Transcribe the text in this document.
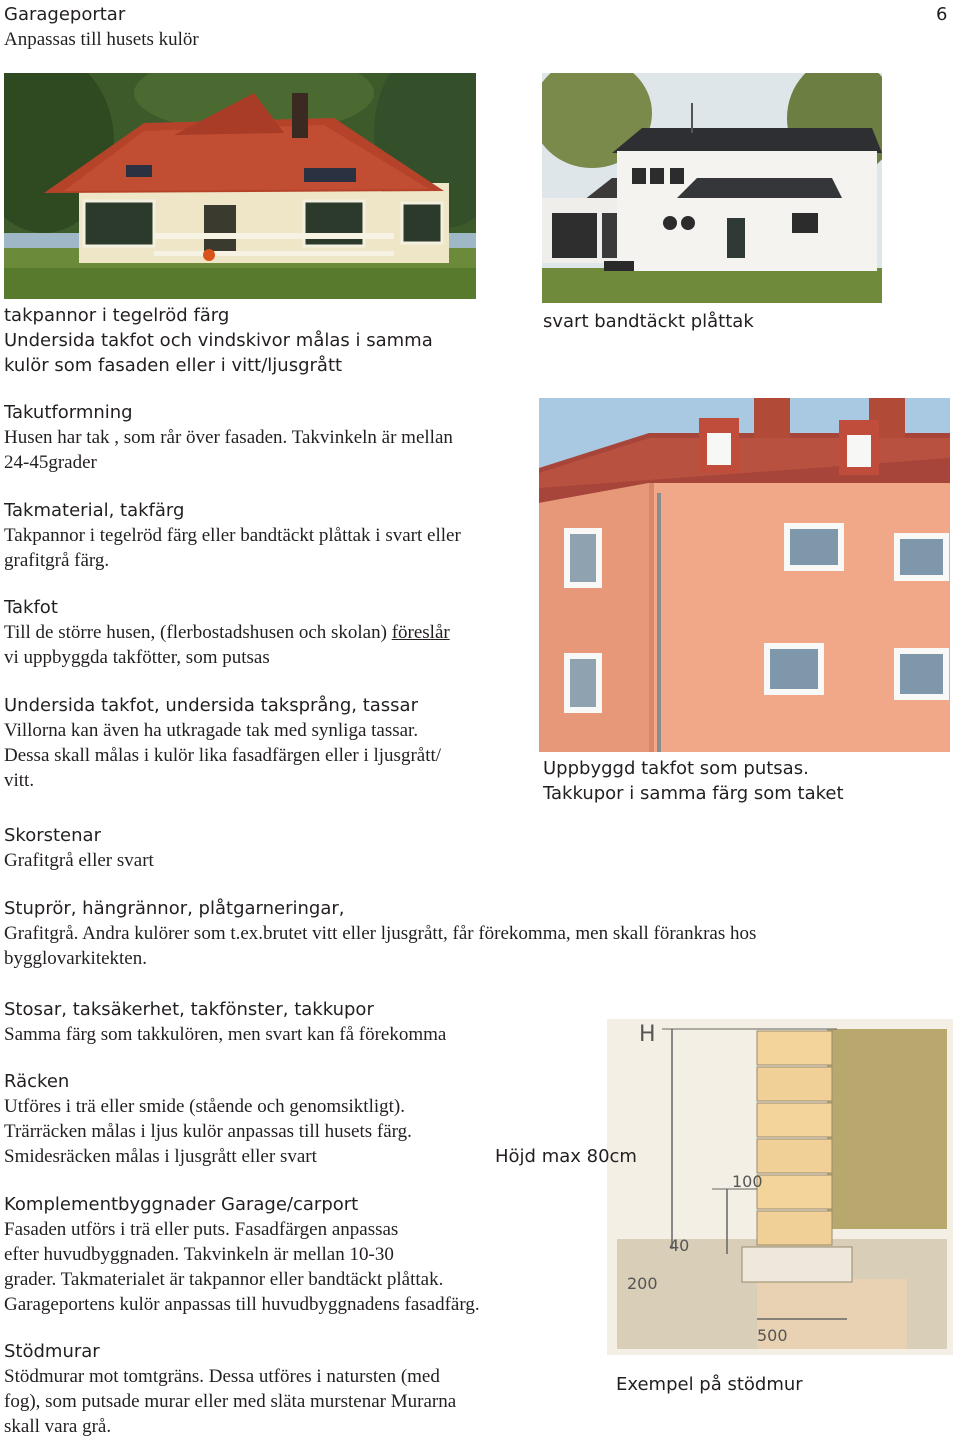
Garageportar
Anpassas till husets kulör
6
H
100
40
200
500
takpannor i tegelröd färg
Undersida takfot och vindskivor målas i samma
kulör som fasaden eller i vitt/ljusgrått
svart bandtäckt plåttak
Uppbyggd takfot som putsas.
Takkupor i samma färg som taket
Höjd max 80cm
Exempel på stödmur
Takutformning
Husen har tak , som rår över fasaden. Takvinkeln är mellan
24-45grader
Takmaterial, takfärg
Takpannor i tegelröd färg eller bandtäckt plåttak i svart eller
grafitgrå färg.
Takfot
Till de större husen, (flerbostadshusen och skolan) föreslår
vi uppbyggda takfötter, som putsas
Undersida takfot, undersida taksprång, tassar
Villorna kan även ha utkragade tak med synliga tassar.
Dessa skall målas i kulör lika fasadfärgen eller i ljusgrått/
vitt.
Skorstenar
Grafitgrå eller svart
Stuprör, hängrännor, plåtgarneringar,
Grafitgrå. Andra kulörer som t.ex.brutet vitt eller ljusgrått, får förekomma, men skall förankras hos
bygglovarkitekten.
Stosar, taksäkerhet, takfönster, takkupor
Samma färg som takkulören, men svart kan få förekomma
Räcken
Utföres i trä eller smide (stående och genomsiktligt).
Trärräcken målas i ljus kulör anpassas till husets färg.
Smidesräcken målas i ljusgrått eller svart
Komplementbyggnader Garage/carport
Fasaden utförs i trä eller puts. Fasadfärgen anpassas
efter huvudbyggnaden. Takvinkeln är mellan 10-30
grader. Takmaterialet är takpannor eller bandtäckt plåttak.
Garageportens kulör anpassas till huvudbyggnadens fasadfärg.
Stödmurar
Stödmurar mot tomtgräns. Dessa utföres i natursten (med
fog), som putsade murar eller med släta murstenar Murarna
skall vara grå.
